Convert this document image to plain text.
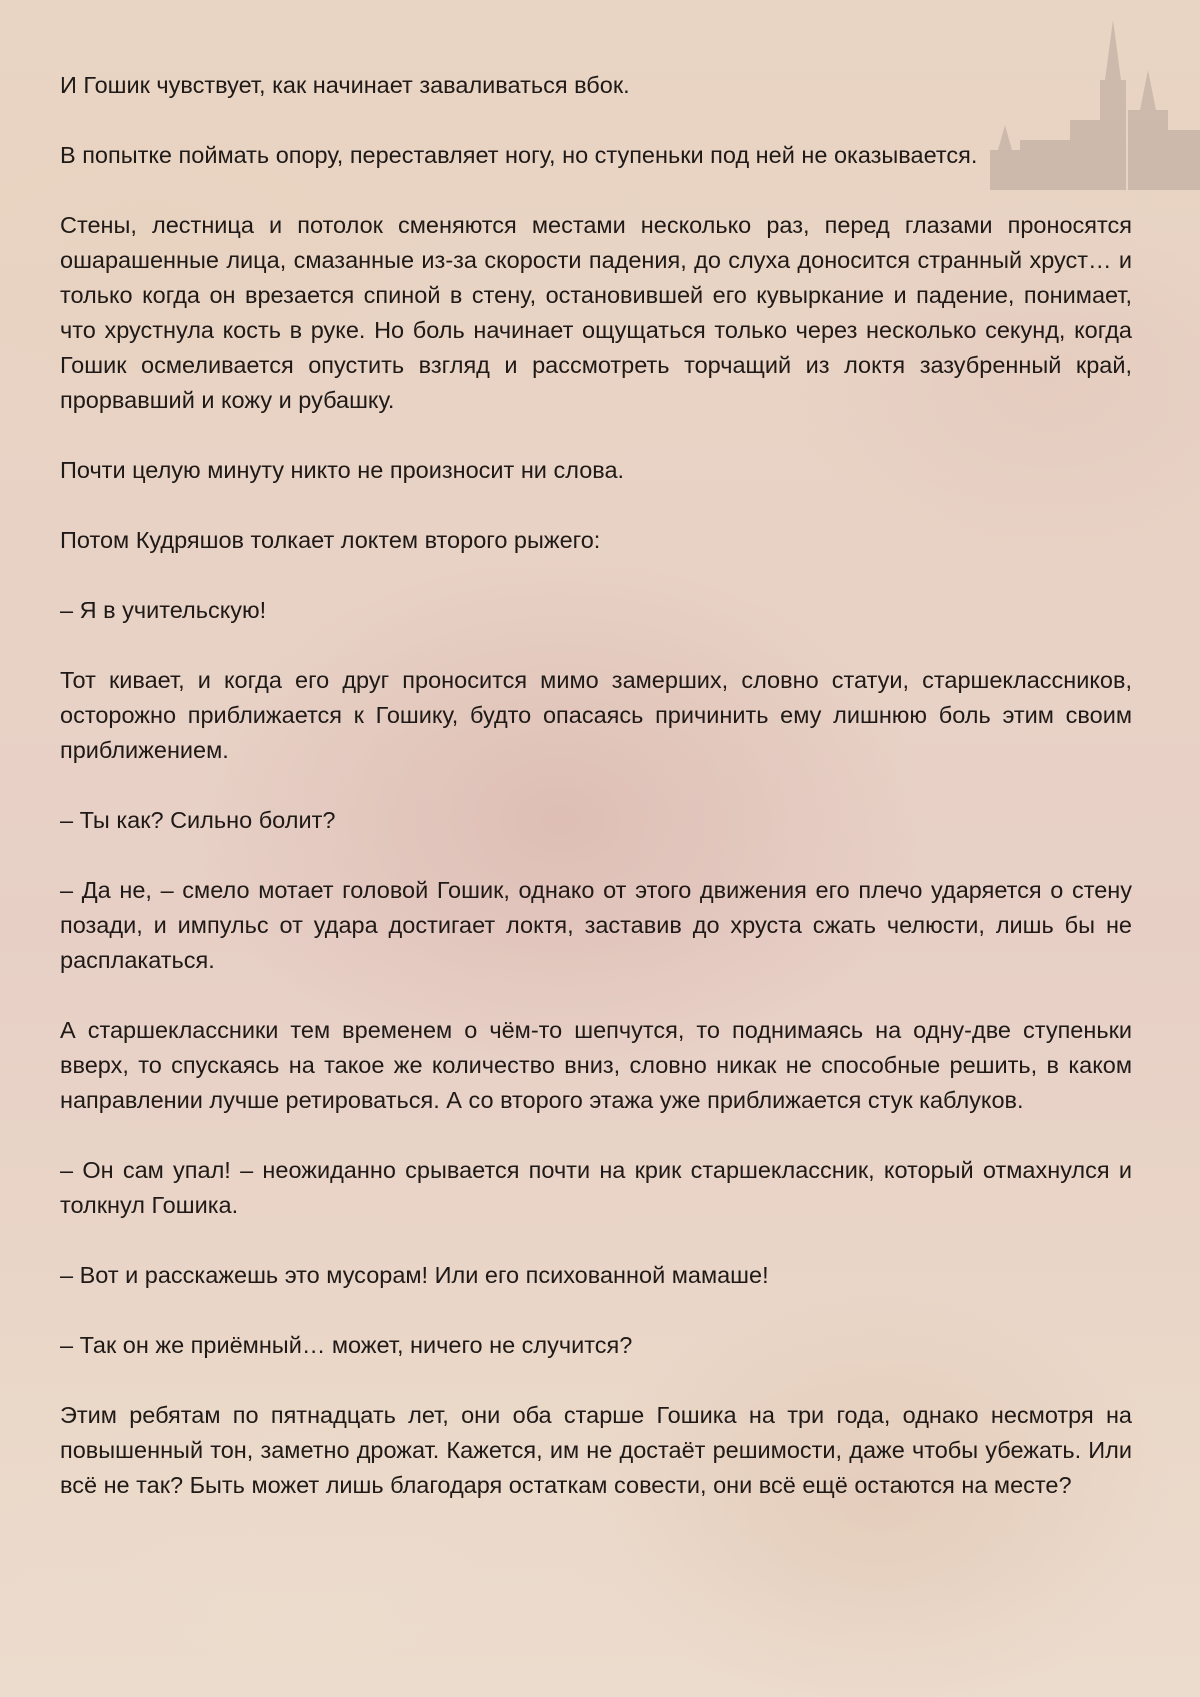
И Гошик чувствует, как начинает заваливаться вбок.

В попытке поймать опору, переставляет ногу, но ступеньки под ней не оказывается.

Стены, лестница и потолок сменяются местами несколько раз, перед глазами проносятся ошарашенные лица, смазанные из-за скорости падения, до слуха доносится странный хруст… и только когда он врезается спиной в стену, остановившей его кувыркание и падение, понимает, что хрустнула кость в руке. Но боль начинает ощущаться только через несколько секунд, когда Гошик осмеливается опустить взгляд и рассмотреть торчащий из локтя зазубренный край, прорвавший и кожу и рубашку.

Почти целую минуту никто не произносит ни слова.

Потом Кудряшов толкает локтем второго рыжего:

– Я в учительскую!

Тот кивает, и когда его друг проносится мимо замерших, словно статуи, старшеклассников, осторожно приближается к Гошику, будто опасаясь причинить ему лишнюю боль этим своим приближением.

– Ты как? Сильно болит?

– Да не, – смело мотает головой Гошик, однако от этого движения его плечо ударяется о стену позади, и импульс от удара достигает локтя, заставив до хруста сжать челюсти, лишь бы не расплакаться.

А старшеклассники тем временем о чём-то шепчутся, то поднимаясь на одну-две ступеньки вверх, то спускаясь на такое же количество вниз, словно никак не способные решить, в каком направлении лучше ретироваться. А со второго этажа уже приближается стук каблуков.

– Он сам упал! – неожиданно срывается почти на крик старшеклассник, который отмахнулся и толкнул Гошика.

– Вот и расскажешь это мусорам! Или его психованной мамаше!

– Так он же приёмный… может, ничего не случится?

Этим ребятам по пятнадцать лет, они оба старше Гошика на три года, однако несмотря на повышенный тон, заметно дрожат. Кажется, им не достаёт решимости, даже чтобы убежать. Или всё не так? Быть может лишь благодаря остаткам совести, они всё ещё остаются на месте?
